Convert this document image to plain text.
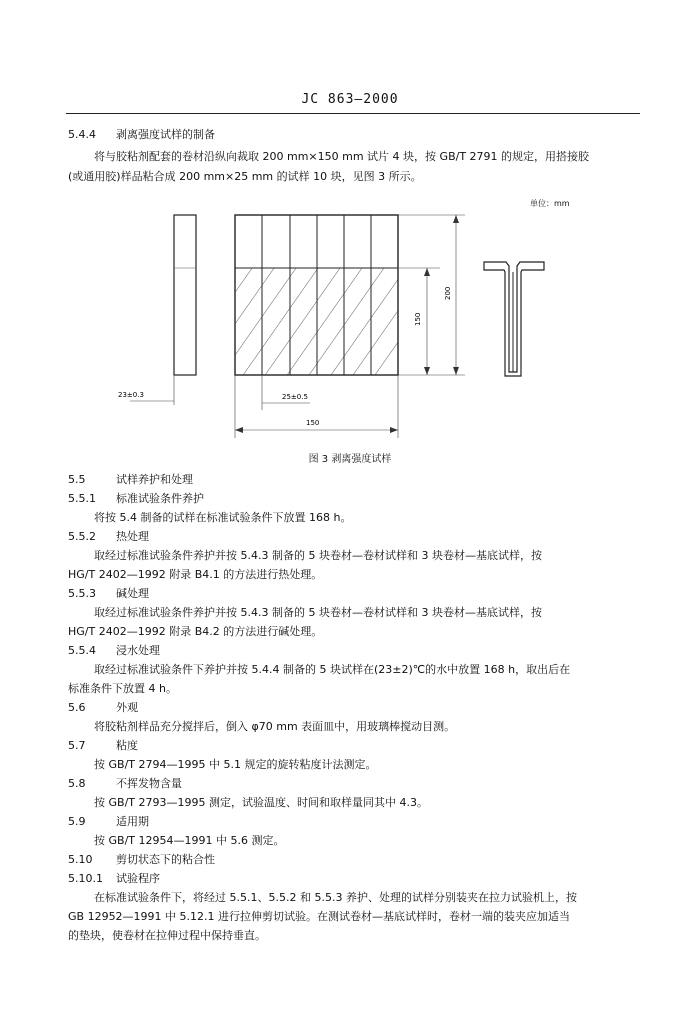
JC 863—2000
5.4.4 剥离强度试样的制备
将与胶粘剂配套的卷材沿纵向裁取 200 mm×150 mm 试片 4 块，按 GB/T 2791 的规定，用搭接胶
(或通用胶)样品粘合成 200 mm×25 mm 的试样 10 块，见图 3 所示。
单位：mm
150
200
25±0.5
150
23±0.3
图 3 剥离强度试样
5.5	试样养护和处理
5.5.1 标准试验条件养护
将按 5.4 制备的试样在标准试验条件下放置 168 h。
5.5.2 热处理
取经过标准试验条件养护并按 5.4.3 制备的 5 块卷材—卷材试样和 3 块卷材—基底试样，按
HG/T 2402—1992 附录 B4.1 的方法进行热处理。
5.5.3 碱处理
取经过标准试验条件养护并按 5.4.3 制备的 5 块卷材—卷材试样和 3 块卷材—基底试样，按
HG/T 2402—1992 附录 B4.2 的方法进行碱处理。
5.5.4 浸水处理
取经过标准试验条件下养护并按 5.4.4 制备的 5 块试样在(23±2)℃的水中放置 168 h，取出后在
标准条件下放置 4 h。
5.6	外观
将胶粘剂样品充分搅拌后，倒入 φ70 mm 表面皿中，用玻璃棒搅动目测。
5.7	粘度
按 GB/T 2794—1995 中 5.1 规定的旋转粘度计法测定。
5.8	不挥发物含量
按 GB/T 2793—1995 测定，试验温度、时间和取样量同其中 4.3。
5.9	适用期
按 GB/T 12954—1991 中 5.6 测定。
5.10 剪切状态下的粘合性
5.10.1 试验程序
在标准试验条件下，将经过 5.5.1、5.5.2 和 5.5.3 养护、处理的试样分别装夹在拉力试验机上，按
GB 12952—1991 中 5.12.1 进行拉伸剪切试验。在测试卷材—基底试样时，卷材一端的装夹应加适当
的垫块，使卷材在拉伸过程中保持垂直。
